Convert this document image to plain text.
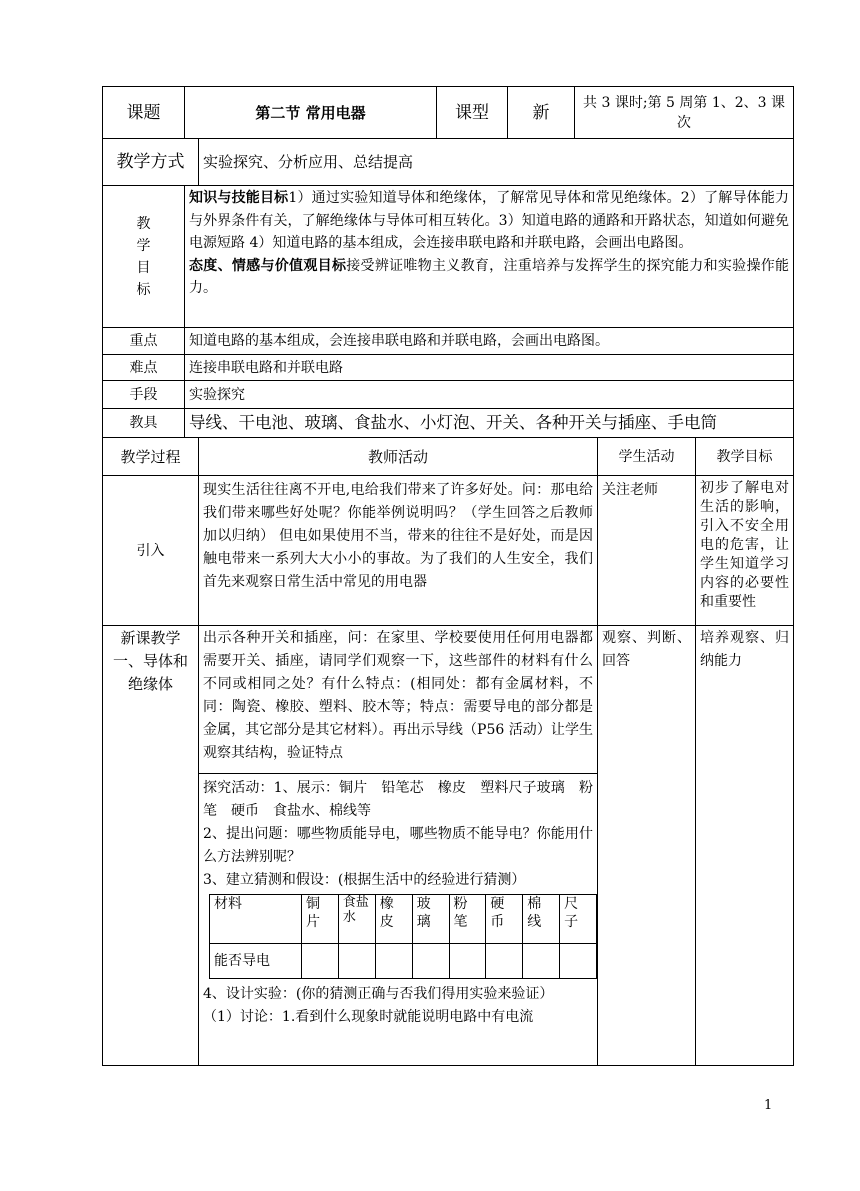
课题	第二节 常用电器	课型	新	共 3 课时;第 5 周第 1、2、3 课次
教学方式	实验探究、分析应用、总结提高
教
学
目
标	知识与技能目标1）通过实验知道导体和绝缘体，了解常见导体和常见绝缘体。2）了解导体能力与外界条件有关，了解绝缘体与导体可相互转化。3）知道电路的通路和开路状态，知道如何避免电源短路 4）知道电路的基本组成，会连接串联电路和并联电路，会画出电路图。
态度、情感与价值观目标接受辨证唯物主义教育，注重培养与发挥学生的探究能力和实验操作能力。
重点	知道电路的基本组成，会连接串联电路和并联电路，会画出电路图。
难点	连接串联电路和并联电路
手段	实验探究
教具	导线、干电池、玻璃、食盐水、小灯泡、开关、各种开关与插座、手电筒
教学过程	教师活动	学生活动	教学目标
引入	现实生活往往离不开电,电给我们带来了许多好处。问：那电给我们带来哪些好处呢？你能举例说明吗？（学生回答之后教师加以归纳） 但电如果使用不当，带来的往往不是好处，而是因触电带来一系列大大小小的事故。为了我们的人生安全，我们首先来观察日常生活中常见的用电器	关注老师	初步了解电对生活的影响，引入不安全用电的危害，让学生知道学习内容的必要性和重要性
新课教学一、导体和绝缘体	出示各种开关和插座，问：在家里、学校要使用任何用电器都需要开关、插座，请同学们观察一下，这些部件的材料有什么不同或相同之处？有什么特点：(相同处：都有金属材料，不同：陶瓷、橡胶、塑料、胶木等；特点：需要导电的部分都是金属，其它部分是其它材料）。再出示导线（P56 活动）让学生观察其结构，验证特点	观察、判断、回答	培养观察、归纳能力

探究活动：1、展示：铜片　铅笔芯　橡皮　塑料尺子玻璃　粉笔　硬币　食盐水、棉线等
2、提出问题：哪些物质能导电，哪些物质不能导电？你能用什么方法辨别呢？
3、建立猜测和假设：(根据生活中的经验进行猜测）
材料	铜片	食盐水	橡皮	玻璃	粉笔	硬币	棉线	尺子
能否导电								
4、设计实验：(你的猜测正确与否我们得用实验来验证）
（1）讨论：1.看到什么现象时就能说明电路中有电流
1
